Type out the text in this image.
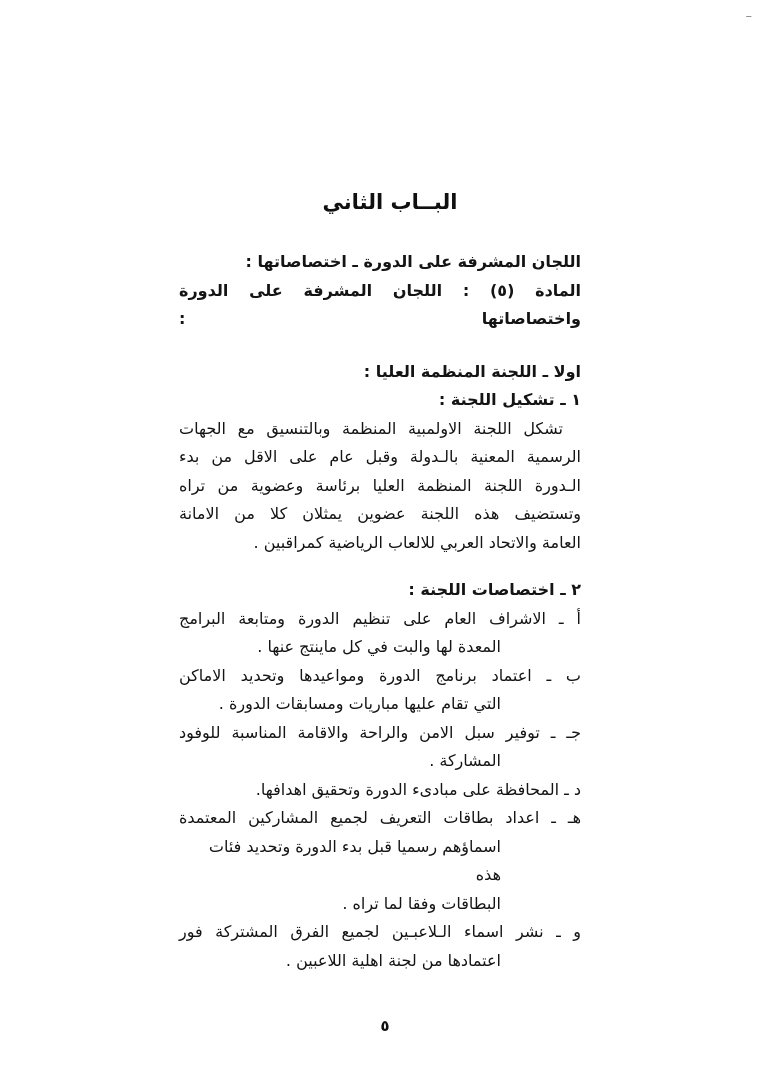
–
البــاب الثاني

اللجان المشرفة على الدورة ـ اختصاصاتها :

المادة (٥) : اللجان المشرفة على الدورة واختصاصاتها :

اولا ـ اللجنة المنظمة العليا :

١ ـ تشكيل اللجنة :

تشكل اللجنة الاولمبية المنظمة وبالتنسيق مع الجهات

الرسمية المعنية بالـدولة وقبل عام على الاقل من بدء

الـدورة اللجنة المنظمة العليا برئاسة وعضوية من تراه

وتستضيف هذه اللجنة عضوين يمثلان كلا من الامانة

العامة والاتحاد العربي للالعاب الرياضية كمراقبين .

٢ ـ اختصاصات اللجنة :

أ ـ الاشراف العام على تنظيم الدورة ومتابعة البرامج

المعدة لها والبت في كل ماينتج عنها .

ب ـ اعتماد برنامج الدورة ومواعيدها وتحديد الاماكن

التي تقام عليها مباريات ومسابقات الدورة .

جـ ـ توفير سبل الامن والراحة والاقامة المناسبة للوفود

المشاركة .

د ـ المحافظة على مبادىء الدورة وتحقيق اهدافها.

هـ ـ اعداد بطاقات التعريف لجميع المشاركين المعتمدة

اسماؤهم رسميا قبل بدء الدورة وتحديد فئات هذه

البطاقات وفقا لما تراه .

و ـ نشر اسماء الـلاعبـين لجميع الفرق المشتركة فور

اعتمادها من لجنة اهلية اللاعبين .

٥
